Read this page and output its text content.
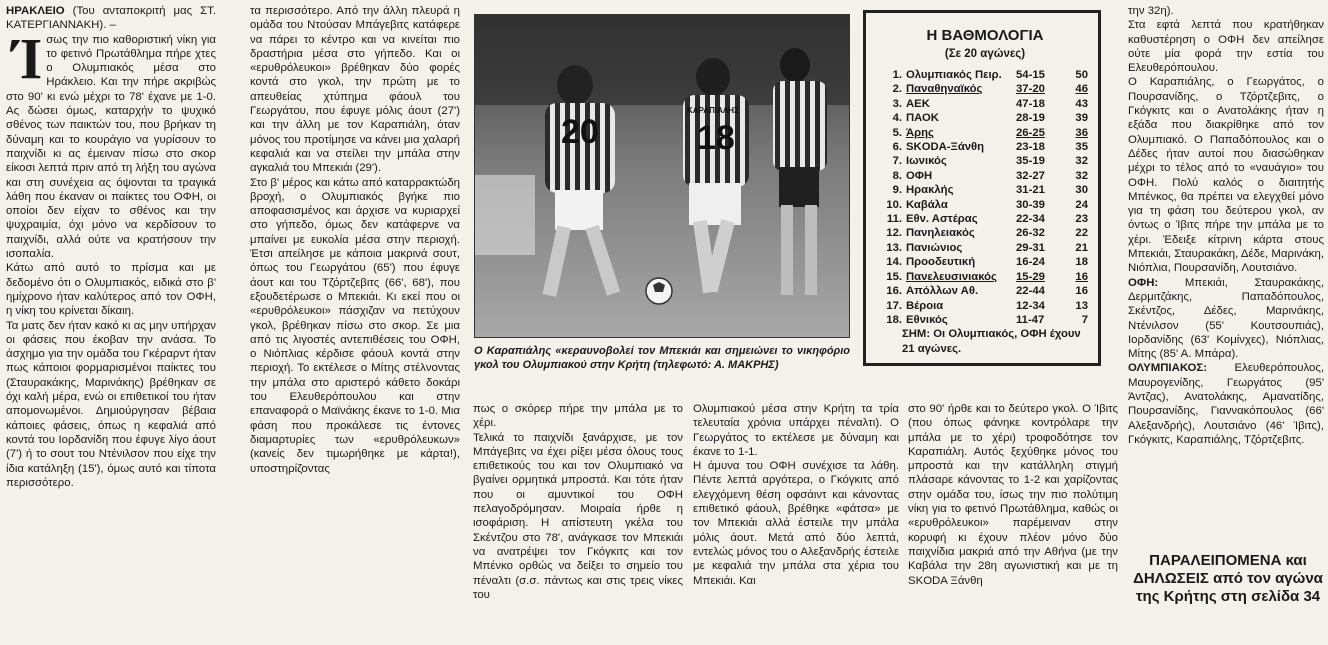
ΗΡΑΚΛΕΙΟ (Του ανταποκριτή μας ΣΤ. ΚΑΤΕΡΓΙΑΝΝΑΚΗ). –

Ί σως την πιο καθοριστική νίκη για το φετινό Πρωτάθλημα πήρε χτες ο Ολυμπιακός μέσα στο Ηράκλειο. Και την πήρε ακριβώς στο 90' κι ενώ μέχρι το 78' έχανε με 1-0. Ας δώσει όμως, καταρχήν το ψυχικό σθένος των παικτών του, που βρήκαν τη δύναμη και το κουράγιο να γυρίσουν το παιχνίδι κι ας έμειναν πίσω στο σκορ είκοσι λεπτά πριν από τη λήξη του αγώνα και στη συνέχεια ας όψονται τα τραγικά λάθη που έκαναν οι παίκτες του ΟΦΗ, οι οποίοι δεν είχαν το σθένος και την ψυχραιμία, όχι μόνο να κερδίσουν το παιχνίδι, αλλά ούτε να κρατήσουν την ισοπαλία.

Κάτω από αυτό το πρίσμα και με δεδομένο ότι ο Ολυμπιακός, ειδικά στο β' ημίχρονο ήταν καλύτερος από τον ΟΦΗ, η νίκη του κρίνεται δίκαιη.

Τα ματς δεν ήταν κακό κι ας μην υπήρχαν οι φάσεις που έκοβαν την ανάσα. Το άσχημο για την ομάδα του Γκέραρντ ήταν πως κάποιοι φορμαρισμένοι παίκτες του (Σταυρακάκης, Μαρινάκης) βρέθηκαν σε όχι καλή μέρα, ενώ οι επιθετικοί του ήταν απομονωμένοι. Δημιούργησαν βέβαια κάποιες φάσεις, όπως η κεφαλιά από κοντά του Ιορδανίδη που έφυγε λίγο άουτ (7') ή το σουτ του Ντένιλσον που είχε την ίδια κατάληξη (15'), όμως αυτό και τίποτα περισσότερο.

τα περισσότερο. Από την άλλη πλευρά η ομάδα του Ντούσαν Μπάγεβιτς κατάφερε να πάρει το κέντρο και να κινείται πιο δραστήρια μέσα στο γήπεδο. Και οι «ερυθρόλευκοι» βρέθηκαν δύο φορές κοντά στο γκολ, την πρώτη με το απευθείας χτύπημα φάουλ του Γεωργάτου, που έφυγε μόλις άουτ (27') και την άλλη με τον Καραπιάλη, όταν μόνος του προτίμησε να κάνει μια χαλαρή κεφαλιά και να στείλει την μπάλα στην αγκαλιά του Μπεκιάι (29').

Στο β' μέρος και κάτω από καταρρακτώδη βροχή, ο Ολυμπιακός βγήκε πιο αποφασισμένος και άρχισε να κυριαρχεί στο γήπεδο, όμως δεν κατάφερνε να μπαίνει με ευκολία μέσα στην περιοχή. Έτσι απείλησε με κάποια μακρινά σουτ, όπως του Γεωργάτου (65') που έφυγε άουτ και του Τζόρτζεβιτς (66', 68'), που εξουδετέρωσε ο Μπεκιάι. Κι εκεί που οι «ερυθρόλευκοι» πάσχιζαν να πετύχουν γκολ, βρέθηκαν πίσω στο σκορ. Σε μια από τις λιγοστές αντεπιθέσεις του ΟΦΗ, ο Νιόπλιας κέρδισε φάουλ κοντά στην περιοχή. Το εκτέλεσε ο Μίτης στέλνοντας την μπάλα στο αριστερό κάθετο δοκάρι του Ελευθερόπουλου και στην επαναφορά ο Μαϊνάκης έκανε το 1-0. Μια φάση που προκάλεσε τις έντονες διαμαρτυρίες των «ερυθρόλευκων» (κανείς δεν τιμωρήθηκε με κάρτα!), υποστηρίζοντας

20
ΚΑΡΑΠΙΑΛΗΣ
18
Ο Καραπιάλης «κεραυνοβολεί τον Μπεκιάι και σημειώνει το νικηφόριο γκολ του Ολυμπιακού στην Κρήτη (τηλεφωτό: Α. ΜΑΚΡΗΣ)
Η ΒΑΘΜΟΛΟΓΙΑ
(Σε 20 αγώνες)
1. Ολυμπιακός Πειρ.	54-15	50
2. Παναθηναϊκός	37-20	46
3. ΑΕΚ	47-18	43
4. ΠΑΟΚ	28-19	39
5. Άρης	26-25	36
6. SKODA-Ξάνθη	23-18	35
7. Ιωνικός	35-19	32
8. ΟΦΗ	32-27	32
9. Ηρακλής	31-21	30
10. Καβάλα	30-39	24
11. Εθν. Αστέρας	22-34	23
12. Πανηλειακός	26-32	22
13. Πανιώνιος	29-31	21
14. Προοδευτική	16-24	18
15. Πανελευσινιακός	15-29	16
16. Απόλλων Αθ.	22-44	16
17. Βέροια	12-34	13
18. Εθνικός	11-47	7
ΣΗΜ: Οι Ολυμπιακός, ΟΦΗ έχουν 21 αγώνες.

πως ο σκόρερ πήρε την μπάλα με το χέρι.

Τελικά το παιχνίδι ξανάρχισε, με τον Μπάγεβιτς να έχει ρίξει μέσα όλους τους επιθετικούς του και τον Ολυμπιακό να βγαίνει ορμητικά μπροστά. Και τότε ήταν που οι αμυντικοί του ΟΦΗ πελαγοδρόμησαν. Μοιραία ήρθε η ισοφάριση. Η απίστευτη γκέλα του Σκέντζου στο 78', ανάγκασε τον Μπεκιάι να ανατρέψει τον Γκόγκιτς και τον Μπένκο ορθώς να δείξει το σημείο του πέναλτι (σ.σ. πάντως και στις τρεις νίκες του

Ολυμπιακού μέσα στην Κρήτη τα τρία τελευταία χρόνια υπάρχει πέναλτι). Ο Γεωργάτος το εκτέλεσε με δύναμη και έκανε το 1-1.

Η άμυνα του ΟΦΗ συνέχισε τα λάθη. Πέντε λεπτά αργότερα, ο Γκόγκιτς από ελεγχόμενη θέση οφσάιντ και κάνοντας επιθετικό φάουλ, βρέθηκε «φάτσα» με τον Μπεκιάι αλλά έστειλε την μπάλα μόλις άουτ. Μετά από δύο λεπτά, εντελώς μόνος του ο Αλεξανδρής έστειλε με κεφαλιά την μπάλα στα χέρια του Μπεκιάι. Και

στο 90' ήρθε και το δεύτερο γκολ. Ο Ίβιτς (που όπως φάνηκε κοντρόλαρε την μπάλα με το χέρι) τροφοδότησε τον Καραπιάλη. Αυτός ξεχύθηκε μόνος του μπροστά και την κατάλληλη στιγμή πλάσαρε κάνοντας το 1-2 και χαρίζοντας στην ομάδα του, ίσως την πιο πολύτιμη νίκη για το φετινό Πρωτάθλημα, καθώς οι «ερυθρόλευκοι» παρέμειναν στην κορυφή κι έχουν πλέον μόνο δύο παιχνίδια μακριά από την Αθήνα (με την Καβάλα την 28η αγωνιστική και με τη SKODA Ξάνθη

την 32η).

Στα εφτά λεπτά που κρατήθηκαν καθυστέρηση ο ΟΦΗ δεν απείλησε ούτε μία φορά την εστία του Ελευθερόπουλου.

Ο Καραπιάλης, ο Γεωργάτος, ο Πουρσανίδης, ο Τζόρτζεβιτς, ο Γκόγκιτς και ο Ανατολάκης ήταν η εξάδα που διακρίθηκε από τον Ολυμπιακό. Ο Παπαδόπουλος και ο Δέδες ήταν αυτοί που διασώθηκαν μέχρι το τέλος από το «ναυάγιο» του ΟΦΗ. Πολύ καλός ο διαιτητής Μπένκος, θα πρέπει να ελεγχθεί μόνο για τη φάση του δεύτερου γκολ, αν όντως ο Ίβιτς πήρε την μπάλα με το χέρι. Έδειξε κίτρινη κάρτα στους Μπεκιάι, Σταυρακάκη, Δέδε, Μαρινάκη, Νιόπλια, Πουρσανίδη, Λουτσιάνο.

ΟΦΗ: Μπεκιάι, Σταυρακάκης, Δερμιτζάκης, Παπαδόπουλος, Σκέντζος, Δέδες, Μαρινάκης, Ντένιλσον (55' Κουτσουπιάς), Ιορδανίδης (63' Κομίνχες), Νιόπλιας, Μίτης (85' Α. Μπάρα).

ΟΛΥΜΠΙΑΚΟΣ: Ελευθερόπουλος, Μαυρογενίδης, Γεωργάτος (95' Άντζας), Ανατολάκης, Αμανατίδης, Πουρσανίδης, Γιαννακόπουλος (66' Αλεξανδρής), Λουτσιάνο (46' Ίβιτς), Γκόγκιτς, Καραπιάλης, Τζόρτζεβιτς.

ΠΑΡΑΛΕΙΠΟΜΕΝΑ και ΔΗΛΩΣΕΙΣ από τον αγώνα της Κρήτης στη σελίδα 34
